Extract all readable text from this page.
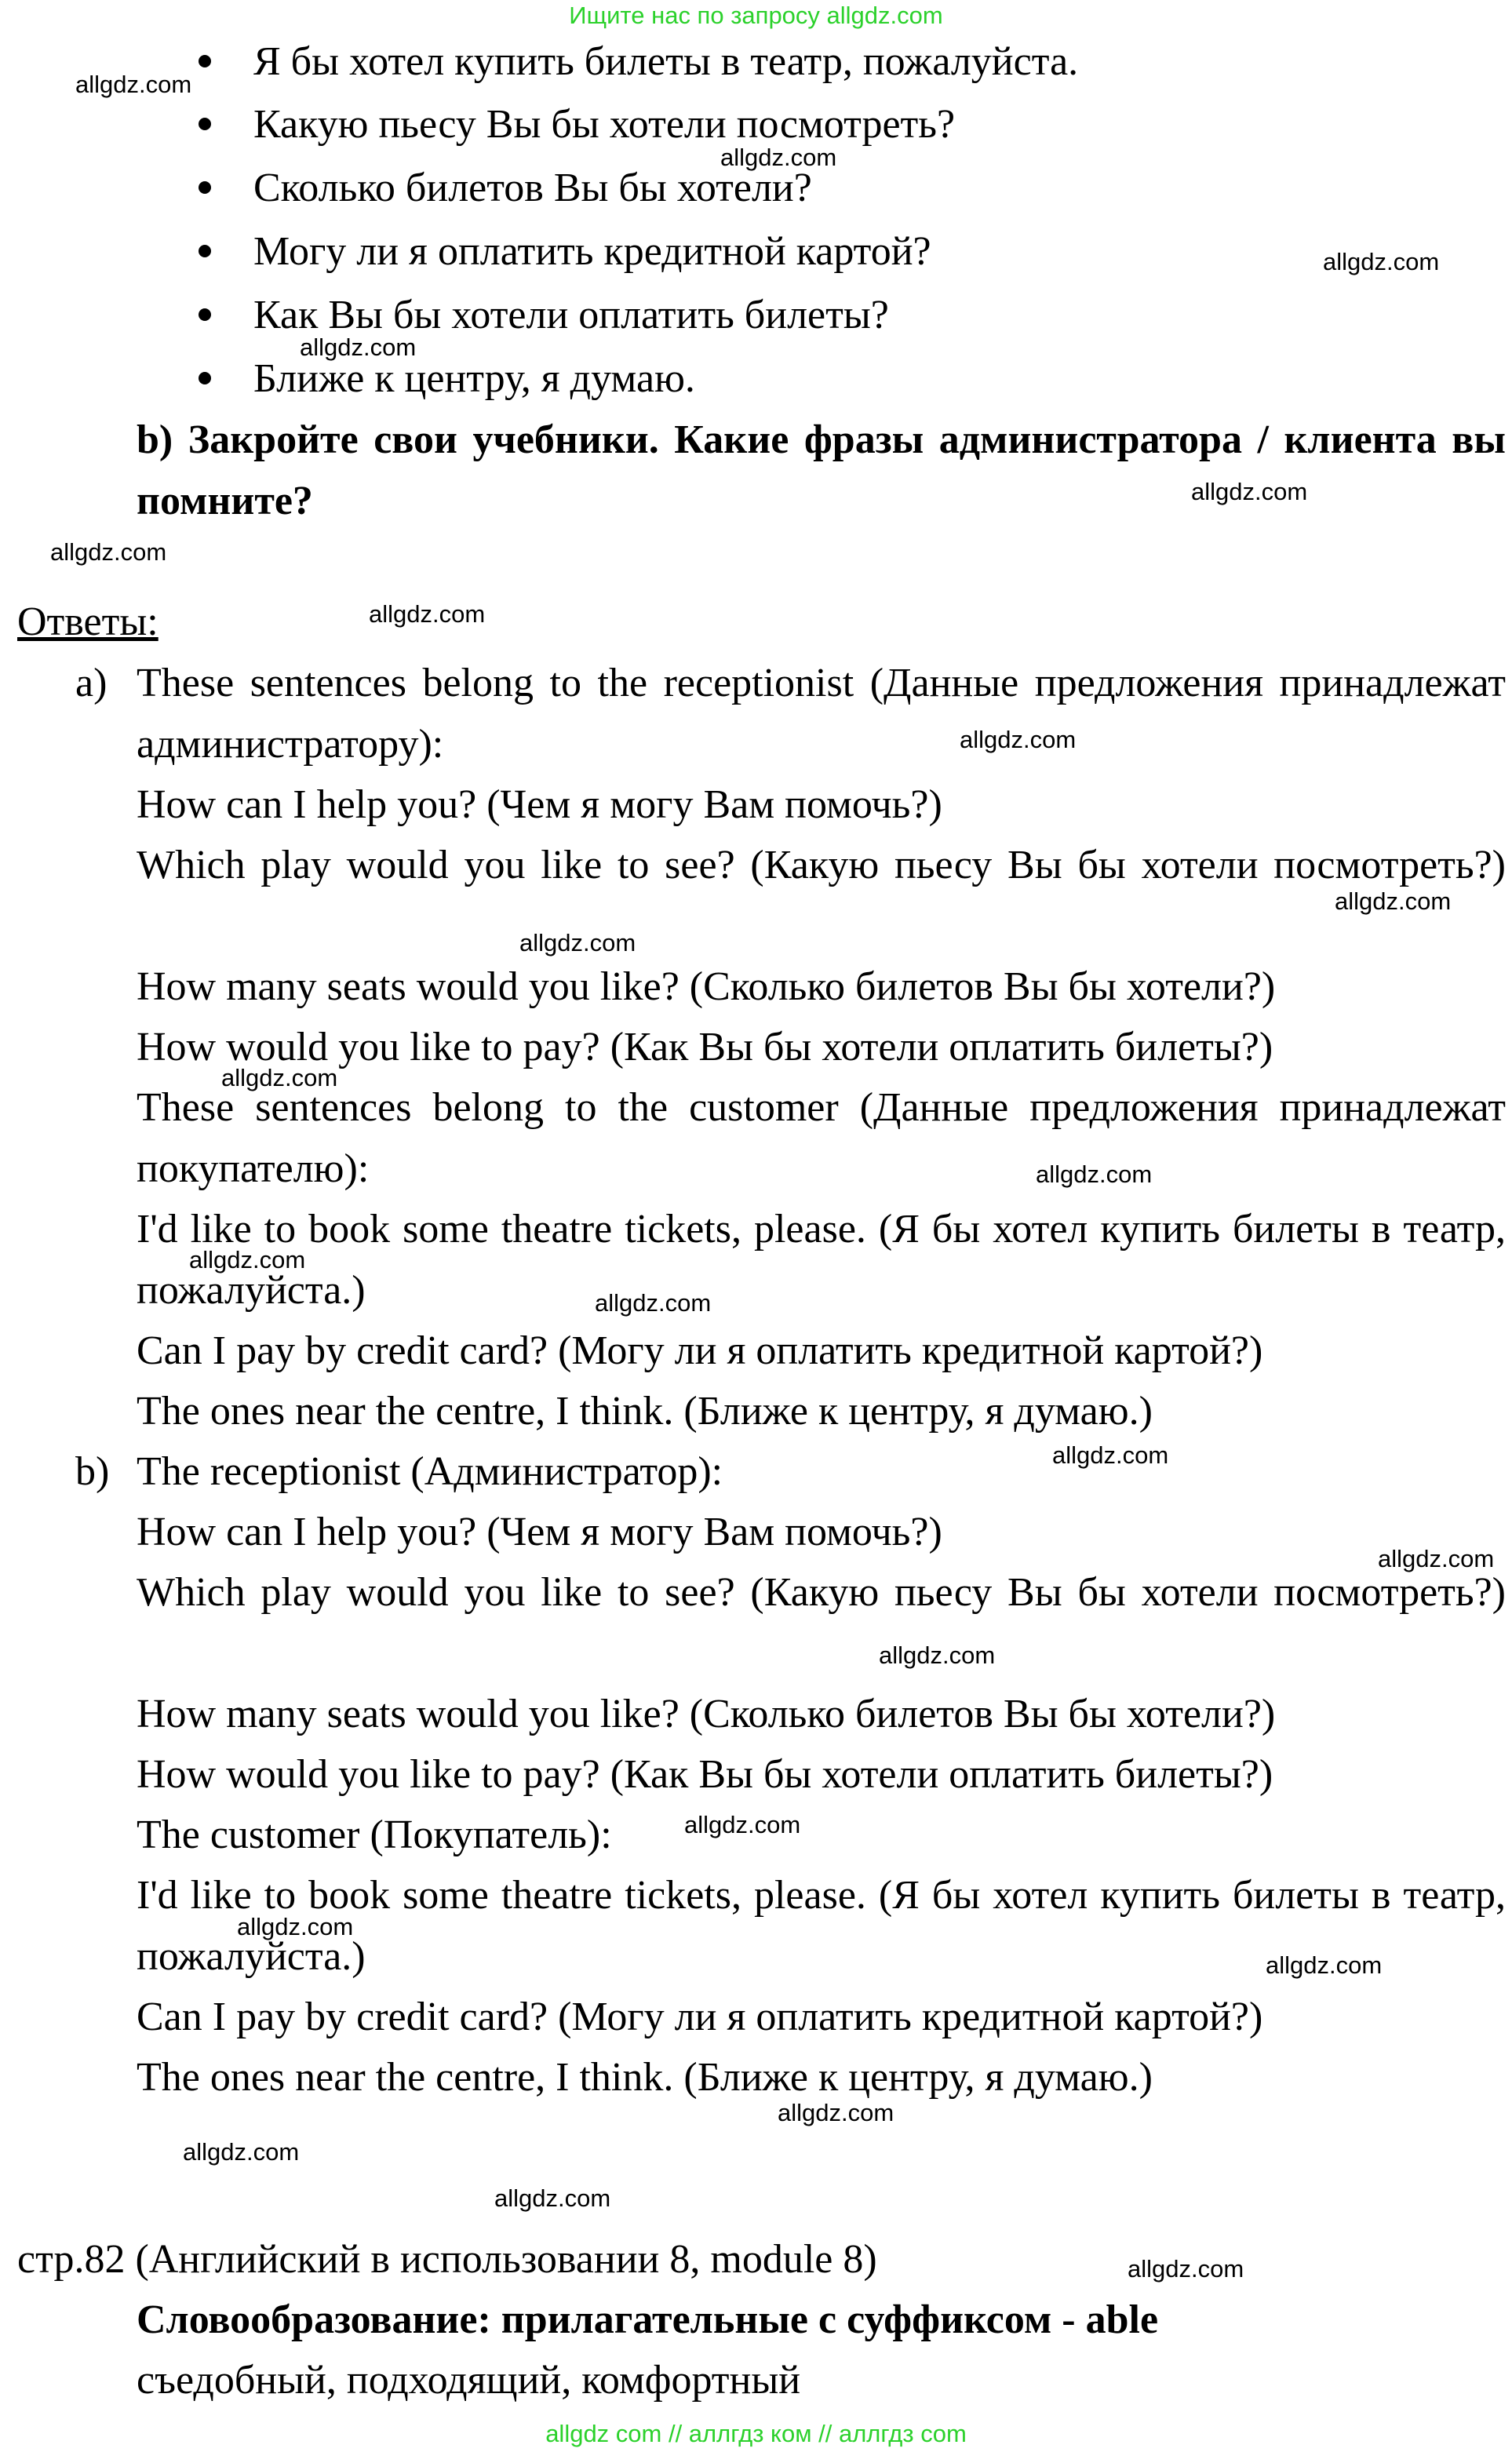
Ищите нас по запросу allgdz.com
Я бы хотел купить билеты в театр, пожалуйста.
Какую пьесу Вы бы хотели посмотреть?
Сколько билетов Вы бы хотели?
Могу ли я оплатить кредитной картой?
Как Вы бы хотели оплатить билеты?
Ближе к центру, я думаю.
b) Закройте свои учебники. Какие фразы администратора / клиента вы помните?
Ответы:
a) These sentences belong to the receptionist (Данные предложения принадлежат администратору):
How can I help you? (Чем я могу Вам помочь?)
Which play would you like to see? (Какую пьесу Вы бы хотели посмотреть?)
How many seats would you like? (Сколько билетов Вы бы хотели?)
How would you like to pay? (Как Вы бы хотели оплатить билеты?)
These sentences belong to the customer (Данные предложения принадлежат покупателю):
I'd like to book some theatre tickets, please. (Я бы хотел купить билеты в театр, пожалуйста.)
Can I pay by credit card? (Могу ли я оплатить кредитной картой?)
The ones near the centre, I think. (Ближе к центру, я думаю.)
b) The receptionist (Администратор):
How can I help you? (Чем я могу Вам помочь?)
Which play would you like to see? (Какую пьесу Вы бы хотели посмотреть?)
How many seats would you like? (Сколько билетов Вы бы хотели?)
How would you like to pay? (Как Вы бы хотели оплатить билеты?)
The customer (Покупатель):
I'd like to book some theatre tickets, please. (Я бы хотел купить билеты в театр, пожалуйста.)
Can I pay by credit card? (Могу ли я оплатить кредитной картой?)
The ones near the centre, I think. (Ближе к центру, я думаю.)
стр.82 (Английский в использовании 8, module 8)
Словообразование: прилагательные с суффиксом - able
съедобный, подходящий, комфортный
allgdz.com
allgdz.com
allgdz.com
allgdz.com
allgdz.com
allgdz.com
allgdz.com
allgdz.com
allgdz.com
allgdz.com
allgdz.com
allgdz.com
allgdz.com
allgdz.com
allgdz.com
allgdz.com
allgdz.com
allgdz.com
allgdz.com
allgdz.com
allgdz.com
allgdz.com
allgdz.com
allgdz.com
allgdz com // аллгдз ком // аллгдз com
